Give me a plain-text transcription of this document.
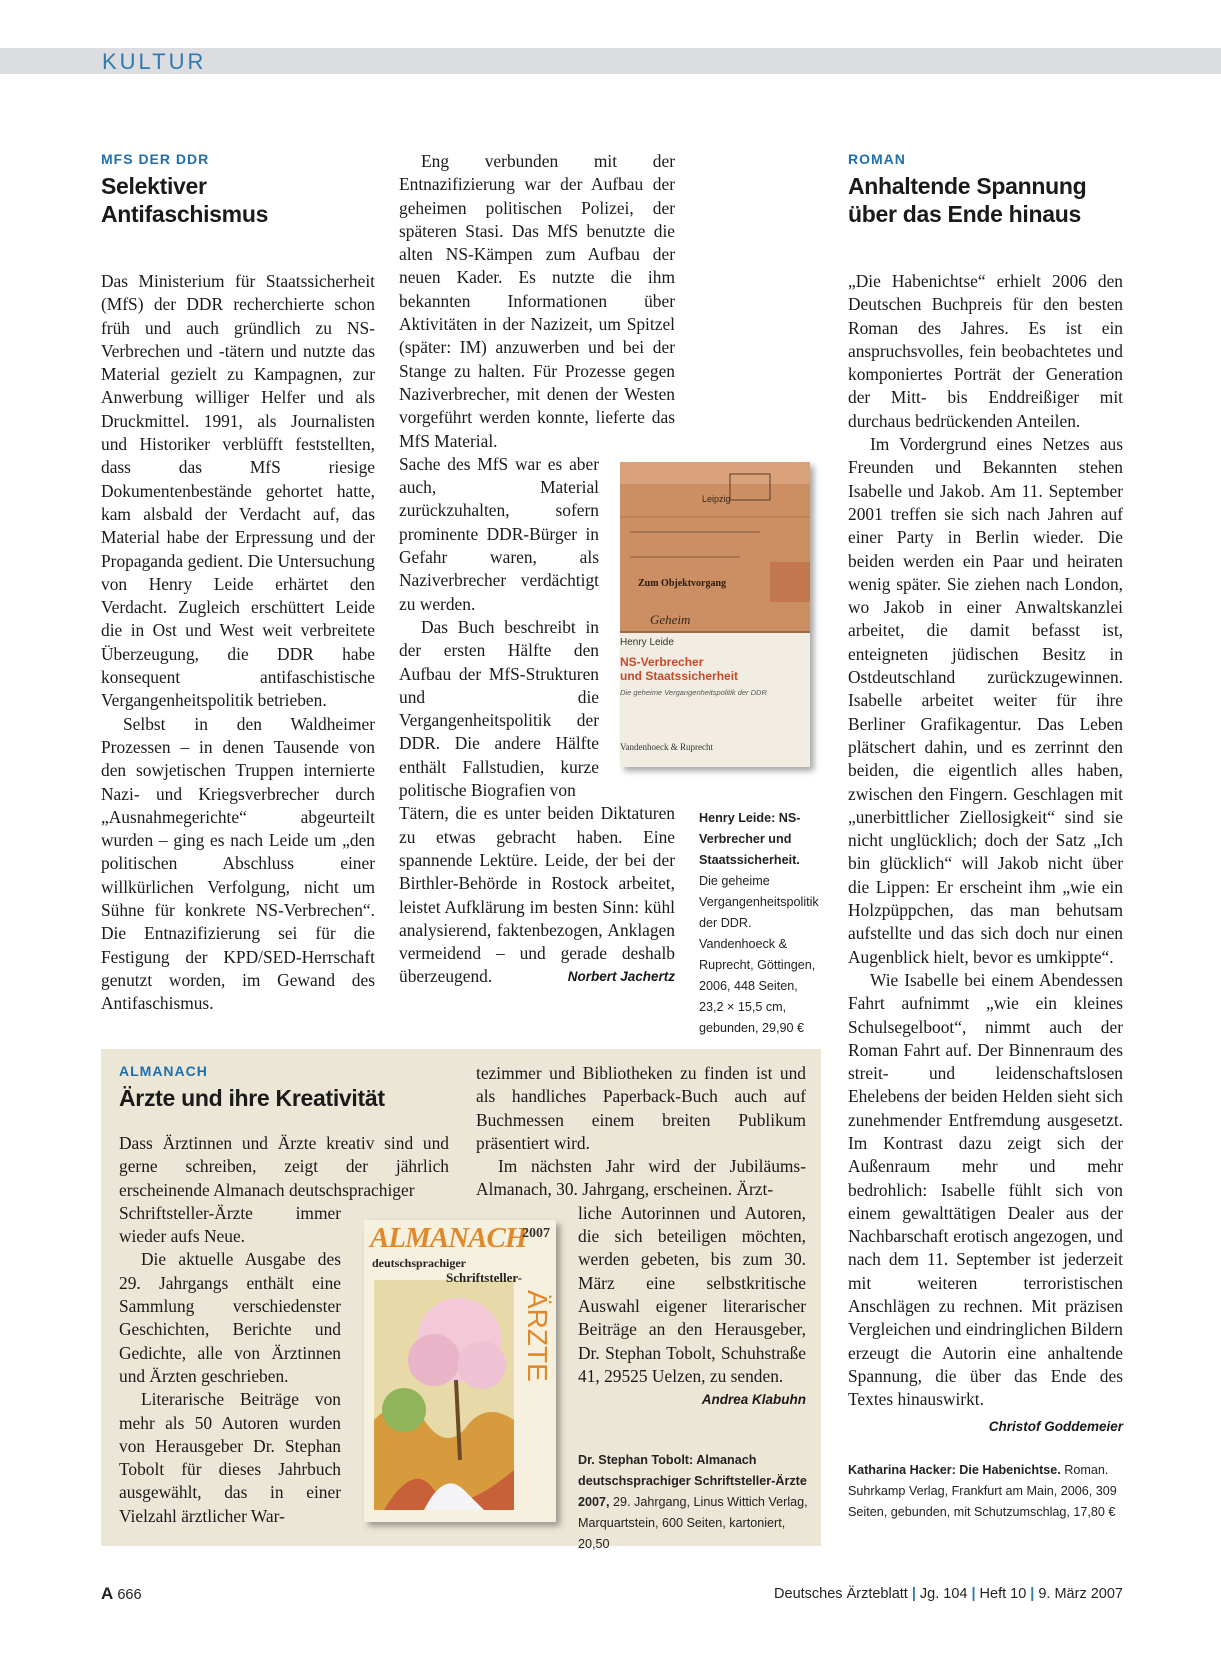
KULTUR
MFS DER DDR
Selektiver
Antifaschismus

Das Ministerium für Staatssicherheit (MfS) der DDR recherchierte schon früh und auch gründlich zu NS-Verbrechen und -tätern und nutzte das Material gezielt zu Kampagnen, zur Anwerbung williger Helfer und als Druckmittel. 1991, als Journalisten und Historiker verblüfft feststellten, dass das MfS riesige Dokumentenbestände gehortet hatte, kam alsbald der Verdacht auf, das Material habe der Erpressung und der Propaganda gedient. Die Untersuchung von Henry Leide erhärtet den Verdacht. Zugleich erschüttert Leide die in Ost und West weit verbreitete Überzeugung, die DDR habe konsequent antifaschistische Vergangenheitspolitik betrieben.

Selbst in den Waldheimer Prozessen – in denen Tausende von den sowjetischen Truppen internierte Nazi- und Kriegsverbrecher durch „Ausnahmegerichte“ abgeurteilt wurden – ging es nach Leide um „den politischen Abschluss einer willkürlichen Verfolgung, nicht um Sühne für konkrete NS-Verbrechen“. Die Entnazifizierung sei für die Festigung der KPD/SED-Herrschaft genutzt worden, im Gewand des Antifaschismus.

Eng verbunden mit der Entnazifizierung war der Aufbau der geheimen politischen Polizei, der späteren Stasi. Das MfS benutzte die alten NS-Kämpen zum Aufbau der neuen Kader. Es nutzte die ihm bekannten Informationen über Aktivitäten in der Nazizeit, um Spitzel (später: IM) anzuwerben und bei der Stange zu halten. Für Prozesse gegen Naziverbrecher, mit denen der Westen vorgeführt werden konnte, lieferte das MfS Material.

Sache des MfS war es aber auch, Material zurückzuhalten, sofern prominente DDR-Bürger in Gefahr waren, als Naziverbrecher verdächtigt zu werden.

Das Buch beschreibt in der ersten Hälfte den Aufbau der MfS-Strukturen und die Vergangenheitspolitik der DDR. Die andere Hälfte enthält Fallstudien, kurze politische Biografien von

Tätern, die es unter beiden Diktaturen zu etwas gebracht haben. Eine spannende Lektüre. Leide, der bei der Birthler-Behörde in Rostock arbeitet, leistet Aufklärung im besten Sinn: kühl analysierend, faktenbezogen, Anklagen vermeidend – und gerade deshalb überzeugend.	Norbert Jachertz

Leipzig
Zum Objektvorgang
Geheim
Henry Leide
NS-Verbrecher
und Staatssicherheit
Die geheime Vergangenheitspolitik der DDR
Vandenhoeck & Ruprecht
Henry Leide: NS-Verbrecher und Staatssicherheit. Die geheime Vergangenheitspolitik der DDR. Vandenhoeck & Ruprecht, Göttingen, 2006, 448 Seiten, 23,2 × 15,5 cm, gebunden, 29,90 €
ROMAN
Anhaltende Spannung
über das Ende hinaus

„Die Habenichtse“ erhielt 2006 den Deutschen Buchpreis für den besten Roman des Jahres. Es ist ein anspruchsvolles, fein beobachtetes und komponiertes Porträt der Generation der Mitt- bis Enddreißiger mit durchaus bedrückenden Anteilen.

Im Vordergrund eines Netzes aus Freunden und Bekannten stehen Isabelle und Jakob. Am 11. September 2001 treffen sie sich nach Jahren auf einer Party in Berlin wieder. Die beiden werden ein Paar und heiraten wenig später. Sie ziehen nach London, wo Jakob in einer Anwaltskanzlei arbeitet, die damit befasst ist, enteigneten jüdischen Besitz in Ostdeutschland zurückzugewinnen. Isabelle arbeitet weiter für ihre Berliner Grafikagentur. Das Leben plätschert dahin, und es zerrinnt den beiden, die eigentlich alles haben, zwischen den Fingern. Geschlagen mit „unerbittlicher Ziellosigkeit“ sind sie nicht unglücklich; doch der Satz „Ich bin glücklich“ will Jakob nicht über die Lippen: Er erscheint ihm „wie ein Holzpüppchen, das man behutsam aufstellte und das sich doch nur einen Augenblick hielt, bevor es umkippte“.

Wie Isabelle bei einem Abendessen Fahrt aufnimmt „wie ein kleines Schulsegelboot“, nimmt auch der Roman Fahrt auf. Der Binnenraum des streit- und leidenschaftslosen Ehelebens der beiden Helden sieht sich zunehmender Entfremdung ausgesetzt. Im Kontrast dazu zeigt sich der Außenraum mehr und mehr bedrohlich: Isabelle fühlt sich von einem gewalttätigen Dealer aus der Nachbarschaft erotisch angezogen, und nach dem 11. September ist jederzeit mit weiteren terroristischen Anschlägen zu rechnen. Mit präzisen Vergleichen und eindringlichen Bildern erzeugt die Autorin eine anhaltende Spannung, die über das Ende des Textes hinauswirkt.

Christof Goddemeier
Katharina Hacker: Die Habenichtse. Roman. Suhrkamp Verlag, Frankfurt am Main, 2006, 309 Seiten, gebunden, mit Schutzumschlag, 17,80 €
ALMANACH
Ärzte und ihre Kreativität

Dass Ärztinnen und Ärzte kreativ sind und gerne schreiben, zeigt der jährlich erscheinende Almanach deutschsprachiger

Schriftsteller-Ärzte immer wieder aufs Neue.

Die aktuelle Ausgabe des 29. Jahrgangs enthält eine Sammlung verschiedenster Geschichten, Berichte und Gedichte, alle von Ärztinnen und Ärzten geschrieben.

Literarische Beiträge von mehr als 50 Autoren wurden von Herausgeber Dr. Stephan Tobolt für dieses Jahrbuch ausgewählt, das in einer Vielzahl ärztlicher War-

tezimmer und Bibliotheken zu finden ist und als handliches Paperback-Buch auch auf Buchmessen einem breiten Publikum präsentiert wird.

Im nächsten Jahr wird der Jubiläums-Almanach, 30. Jahrgang, erscheinen. Ärzt-

liche Autorinnen und Autoren, die sich beteiligen möchten, werden gebeten, bis zum 30. März eine selbstkritische Auswahl eigener literarischer Beiträge an den Herausgeber, Dr. Stephan Tobolt, Schuhstraße 41, 29525 Uelzen, zu senden.
Andrea Klabuhn

ALMANACH
2007
deutschsprachiger
Schriftsteller-
ÄRZTE
Dr. Stephan Tobolt: Almanach deutschsprachiger Schriftsteller-Ärzte 2007, 29. Jahrgang, Linus Wittich Verlag, Marquartstein, 600 Seiten, kartoniert, 20,50
A 666	Deutsches Ärzteblatt | Jg. 104 | Heft 10 | 9. März 2007
